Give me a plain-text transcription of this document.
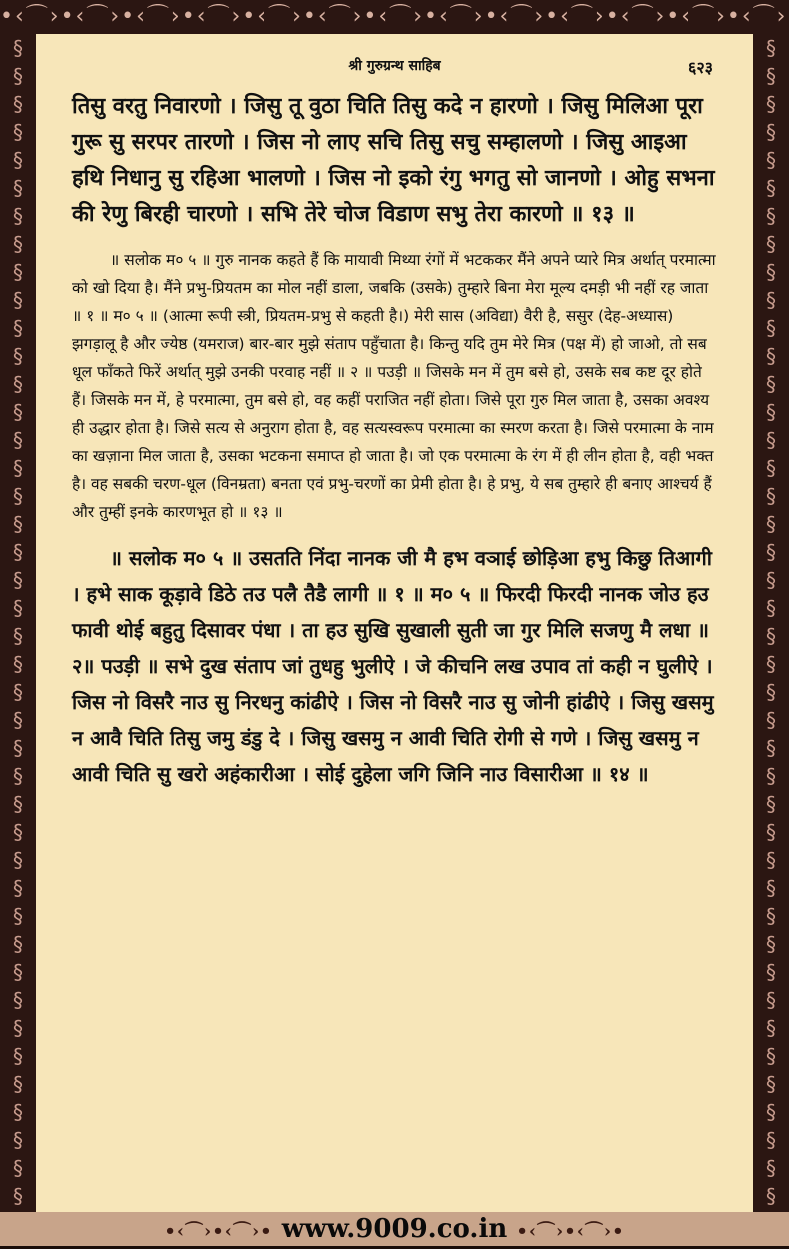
•‹⌒›•‹⌒›•‹⌒›•‹⌒›•‹⌒›•‹⌒›•‹⌒›•‹⌒›•‹⌒›•‹⌒›•‹⌒›•‹⌒›•‹⌒›•‹⌒›•
§
§
§
§
§
§
§
§
§
§
§
§
§
§
§
§
§
§
§
§
§
§
§
§
§
§
§
§
§
§
§
§
§
§
§
§
§
§
§
§
§
§
§
§
§
§
§
§
§
§
§
§
§
§
§
§
§
§
§
§
§
§
§
§
§
§
§
§
§
§
§
§
§
§
§
§
§
§
§
§
§
§
§
§
श्री गुरुग्रन्थ साहिब	६२३

तिसु वरतु निवारणो । जिसु तू वुठा चिति तिसु कदे न हारणो । जिसु मिलिआ पूरा गुरू सु सरपर तारणो । जिस नो लाए सचि तिसु सचु सम्हालणो । जिसु आइआ हथि निधानु सु रहिआ भालणो । जिस नो इको रंगु भगतु सो जानणो । ओहु सभना की रेणु बिरही चारणो । सभि तेरे चोज विडाण सभु तेरा कारणो ॥ १३ ॥

॥ सलोक म० ५ ॥ गुरु नानक कहते हैं कि मायावी मिथ्या रंगों में भटककर मैंने अपने प्यारे मित्र अर्थात् परमात्मा को खो दिया है। मैंने प्रभु-प्रियतम का मोल नहीं डाला, जबकि (उसके) तुम्हारे बिना मेरा मूल्य दमड़ी भी नहीं रह जाता ॥ १ ॥ म० ५ ॥ (आत्मा रूपी स्त्री, प्रियतम-प्रभु से कहती है।) मेरी सास (अविद्या) वैरी है, ससुर (देह-अध्यास) झगड़ालू है और ज्येष्ठ (यमराज) बार-बार मुझे संताप पहुँचाता है। किन्तु यदि तुम मेरे मित्र (पक्ष में) हो जाओ, तो सब धूल फाँकते फिरें अर्थात् मुझे उनकी परवाह नहीं ॥ २ ॥ पउड़ी ॥ जिसके मन में तुम बसे हो, उसके सब कष्ट दूर होते हैं। जिसके मन में, हे परमात्मा, तुम बसे हो, वह कहीं पराजित नहीं होता। जिसे पूरा गुरु मिल जाता है, उसका अवश्य ही उद्धार होता है। जिसे सत्य से अनुराग होता है, वह सत्यस्वरूप परमात्मा का स्मरण करता है। जिसे परमात्मा के नाम का खज़ाना मिल जाता है, उसका भटकना समाप्त हो जाता है। जो एक परमात्मा के रंग में ही लीन होता है, वही भक्त है। वह सबकी चरण-धूल (विनम्रता) बनता एवं प्रभु-चरणों का प्रेमी होता है। हे प्रभु, ये सब तुम्हारे ही बनाए आश्चर्य हैं और तुम्हीं इनके कारणभूत हो ॥ १३ ॥

॥ सलोक म० ५ ॥ उसतति निंदा नानक जी मै हभ वञाई छोड़िआ हभु किछु तिआगी । हभे साक कूड़ावे डिठे तउ पलै तैडै लागी ॥ १ ॥ म० ५ ॥ फिरदी फिरदी नानक जोउ हउ फावी थोई बहुतु दिसावर पंधा । ता हउ सुखि सुखाली सुती जा गुर मिलि सजणु मै लधा ॥२॥ पउड़ी ॥ सभे दुख संताप जां तुधहु भुलीऐ । जे कीचनि लख उपाव तां कही न घुलीऐ । जिस नो विसरै नाउ सु निरधनु कांढीऐ । जिस नो विसरै नाउ सु जोनी हांढीऐ । जिसु खसमु न आवै चिति तिसु जमु डंडु दे । जिसु खसमु न आवी चिति रोगी से गणे । जिसु खसमु न आवी चिति सु खरो अहंकारीआ । सोई दुहेला जगि जिनि नाउ विसारीआ ॥ १४ ॥

•‹⌒›•‹⌒›• www.9009.co.in •‹⌒›•‹⌒›•
